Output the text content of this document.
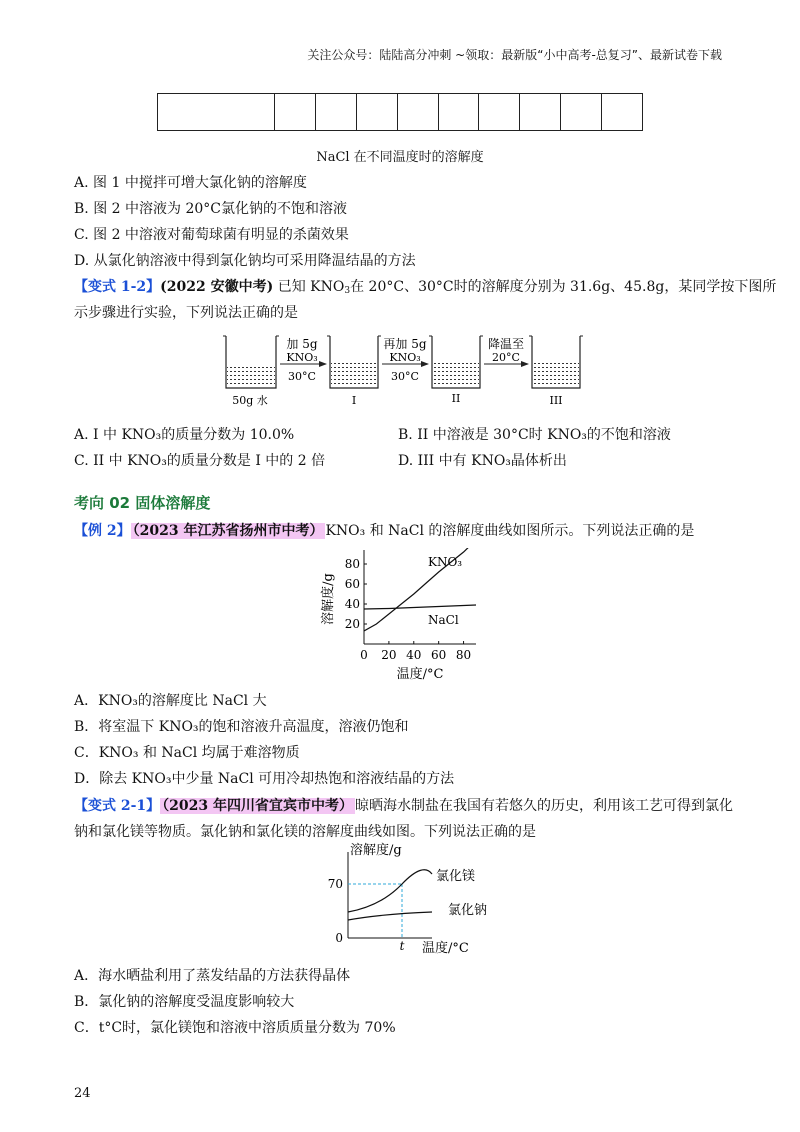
关注公众号：陆陆高分冲刺 ~领取：最新版“小中高考-总复习”、最新试卷下载

NaCl 在不同温度时的溶解度
A. 图 1 中搅拌可增大氯化钠的溶解度
B. 图 2 中溶液为 20°C氯化钠的不饱和溶液
C. 图 2 中溶液对葡萄球菌有明显的杀菌效果
D. 从氯化钠溶液中得到氯化钠均可采用降温结晶的方法
【变式 1-2】(2022 安徽中考) 已知 $KNO_3$在 20°C、30°C时的溶解度分别为 31.6g、45.8g，某同学按下图所
示步骤进行实验，下列说法正确的是
加 5g
KNO₃
30°C
再加 5g
KNO₃
30°C
降温至
20°C
50g 水	I	II	III
A. I 中 KNO₃的质量分数为 10.0%	B. II 中溶液是 30°C时 KNO₃的不饱和溶液
C. II 中 KNO₃的质量分数是 I 中的 2 倍	D. III 中有 KNO₃晶体析出
考向 02 固体溶解度
【例 2】 （2023 年江苏省扬州市中考） KNO₃ 和 NaCl 的溶解度曲线如图所示。下列说法正确的是
20
40
60
80
0 20 40 60 80
温度/°C
溶解度/g
KNO₃
NaCl
A．KNO₃的溶解度比 NaCl 大
B．将室温下 KNO₃的饱和溶液升高温度，溶液仍饱和
C．KNO₃ 和 NaCl 均属于难溶物质
D．除去 KNO₃中少量 NaCl 可用冷却热饱和溶液结晶的方法
【变式 2-1】 （2023 年四川省宜宾市中考） 晾晒海水制盐在我国有若悠久的历史，利用该工艺可得到氯化
钠和氯化镁等物质。氯化钠和氯化镁的溶解度曲线如图。下列说法正确的是
0
70
t
溶解度/g
温度/°C
氯化镁
氯化钠
A．海水晒盐利用了蒸发结晶的方法获得晶体
B．氯化钠的溶解度受温度影响较大
C．t°C时，氯化镁饱和溶液中溶质质量分数为 70%
24
